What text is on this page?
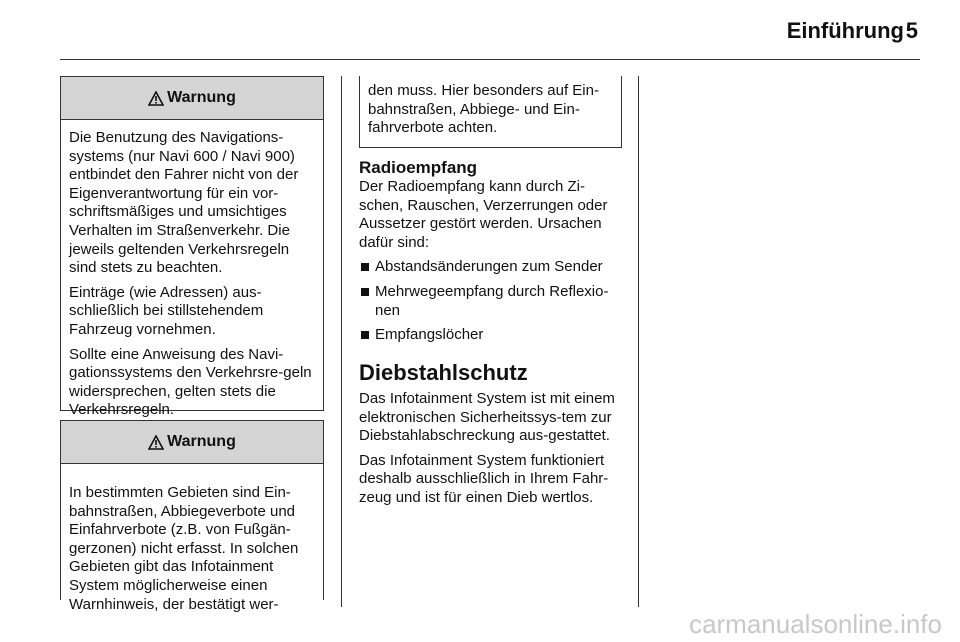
Einführung 5
Warnung

Die Benutzung des Navigations-systems (nur Navi 600 / Navi 900) entbindet den Fahrer nicht von der Eigenverantwortung für ein vor-schriftsmäßiges und umsichtiges Verhalten im Straßenverkehr. Die jeweils geltenden Verkehrsregeln sind stets zu beachten.

Einträge (wie Adressen) aus-schließlich bei stillstehendem Fahrzeug vornehmen.

Sollte eine Anweisung des Navi-gationssystems den Verkehrsre-geln widersprechen, gelten stets die Verkehrsregeln.

Warnung

In bestimmten Gebieten sind Ein-bahnstraßen, Abbiegeverbote und Einfahrverbote (z.B. von Fußgän-gerzonen) nicht erfasst. In solchen Gebieten gibt das Infotainment System möglicherweise einen Warnhinweis, der bestätigt wer-

den muss. Hier besonders auf Ein-bahnstraßen, Abbiege- und Ein-fahrverbote achten.
Radioempfang

Der Radioempfang kann durch Zi-schen, Rauschen, Verzerrungen oder Aussetzer gestört werden. Ursachen dafür sind:

Abstandsänderungen zum Sender
Mehrwegeempfang durch Reflexio-nen
Empfangslöcher
Diebstahlschutz

Das Infotainment System ist mit einem elektronischen Sicherheitssys-tem zur Diebstahlabschreckung aus-gestattet.

Das Infotainment System funktioniert deshalb ausschließlich in Ihrem Fahr-zeug und ist für einen Dieb wertlos.

carmanualsonline.info
